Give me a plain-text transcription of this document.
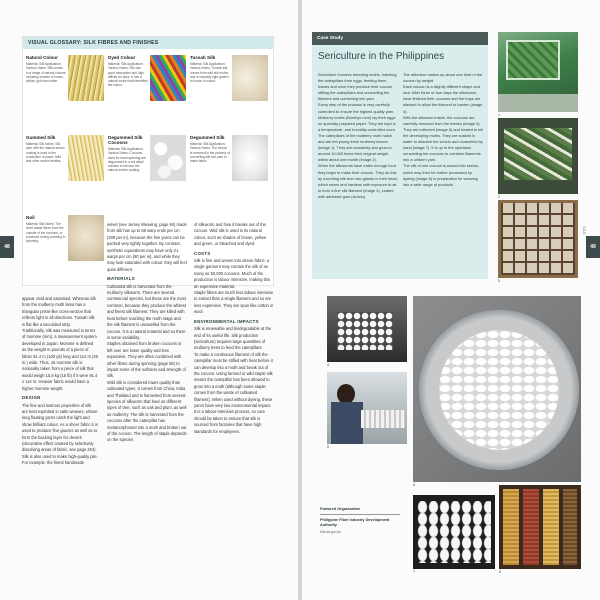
48
VISUAL GLOSSARY: SILK FIBRES AND FINISHES
Natural Colour
Material: Silk Application: Various Notes: Silk comes in a range of natural colours including shades of brown, yellow, gold and white.
Dyed Colour
Material: Silk Application: Various Notes: Silk has good absorption and high affinity for dyes. It has a natural lustre that intensifies the colour.
Tussah Silk
Material: Silk Application: Various Notes: Tussah silk comes from wild silk moths and is naturally light golden to brown in colour.
Gummed Silk
Material: Silk Notes: Silk yarn with the natural sericin coating is used in the production of paper, felts and other woven textiles.
Degummed Silk Cocoons
Material: Silk Application: Various Notes: Cocoons used for hand spinning are degummed in a hot alkali solution to remove the natural sericin coating.
Degummed Silk
Material: Silk Application: Various Notes: The sericin is removed in the process of converting silk into yarn to make fabric.
Noil
Material: Silk Notes: The short waste fibres from the outside of the cocoons, or produced during combing in spinning.
appear vivid and saturated. Whereas silk from the mulberry moth larva has a triangular prism-like cross-section that reflects light in all directions. Tussah silk is flat like a two-sided strip.
Traditionally, silk was measured in terms of momme (mm), a measurement system developed in Japan. Momme is defined as the weight in pounds of a piece of fabric 91.4 m (100 yd) long and 114 m (45 in.) wide. Thus, 15 momme silk is notionally taken from a piece of silk that would weigh 15.8 kg (15 lb) if it were 91.4 x 114 m. Heavier fabric would have a higher momme weight.
DESIGN
The fine and lustrous properties of silk are best exploited in satin weaves, whose long floating yarns catch the light and show brilliant colour. As a sheer fabric it is used to produce fine gauzes as well as to form the backing layer for devoré (decorative effect created by selectively dissolving areas of fabric, see page 264).
Silk is also used to make high-quality pile. For example, the finest handmade
velvet (see Jersey Weaving, page 84) made from silk has up to 68 warp ends per cm (300 per in), because the fine yarns can be packed very tightly together. By contrast, synthetic equivalents may have only 21 warps per cm (80 per in), and while they may look saturated with colour, they will feel quite different.
MATERIALS
Cultivated silk is harvested from the mulberry silkworm. There are several commercial species, but these are the most common, because they produce the whitest and finest silk filament. They are killed with heat before reaching the moth stage and the silk filament is unravelled from the cocoon. It is a natural material and so there is some variability.
Staples obtained from broken cocoons or left over are lower quality and less expensive. They are often combined with other fibres during spinning (page 56) to impart some of the softness and strength of silk.
Wild silk is considered lower quality than cultivated types. It comes from China, India and Thailand and is harvested from several species of silkworm that feed on different types of tree, such as oak and plum, as well as mulberry. The silk is harvested from the cocoons after the caterpillar has metamorphosed into a moth and broken out of the cocoon. The length of staple depends on the species
of silkworm and how it breaks out of the cocoon. Wild silk is used in its natural colour, such as shades of brown, yellow and green, or bleached and dyed.
COSTS
Silk is fine and woven into dense fabric: a single garment may contain the silk of as many as 50,000 cocoons. Much of the production is labour intensive, making this an expensive material.
Staple fibres are much less labour intensive to extract than a single filament and so are less expensive. They are spun like cotton or wool.
ENVIRONMENTAL IMPACTS
Silk is renewable and biodegradable at the end of its useful life. Silk production (sericulture) requires large quantities of mulberry trees to feed the caterpillars.
To make a continuous filament of silk the caterpillar must be stifled with heat before it can develop into a moth and break out of the cocoon. Using farmed or wild staple silk means the caterpillar has been allowed to grow into a moth (although some staple comes from the waste of cultivated filament). When used without dyeing, these yarns have very low environmental impact.
It is a labour-intensive process, so care should be taken to ensure that silk is sourced from factories that have high standards for employees.
Case Study
Sericulture in the Philippines
Sericulture involves breeding moths, hatching the caterpillars from eggs, feeding them leaves and once they produce their cocoon, stifling the caterpillars and unravelling the filament and combining into yarn.
Every step of the process is very carefully controlled to ensure the highest quality yarn. Mulberry moths (Bombyx mori) lay their eggs on specially prepared paper. They are kept in a temperature- and humidity-controlled room. The caterpillars of the mulberry moth hatch and are fed young fresh mulberry leaves (image 1). They eat constantly and grow to around 10,000 times their original weight within about one month (image 2).
When the silkworms have eaten enough food they begin to make their cocoon. They do this by excreting silk from two glands in their head, which mixes and hardens with exposure to air to form a fine silk filament (image 3), coated with adhesive gum (sericin).
The adhesive makes up about one third of the cocoon by weight.
Each cocoon is a slightly different shape and size. After three or four days the silkworms have finished their cocoons and the trays are stacked to allow the filament to harden (image 4).
With the silkworm inside, the cocoons are carefully removed from the frames (image 5). They are collected (image 6) and heated to kill the developing moths. They are soaked in water to dissolve the sericin and unravelled by hand (image 7). It is up to the operators unravelling the cocoons to combine filaments into a uniform yarn.
The silk of one cocoon is wound into skeins, which may then be further processed by dyeing (image 8) in preparation for weaving into a wide range of products.
1
2
3
4
5
6
Featured Organization
Philippine Fiber Industry Development Authority
fida.da.gov.ph
7	8
SILK
49
